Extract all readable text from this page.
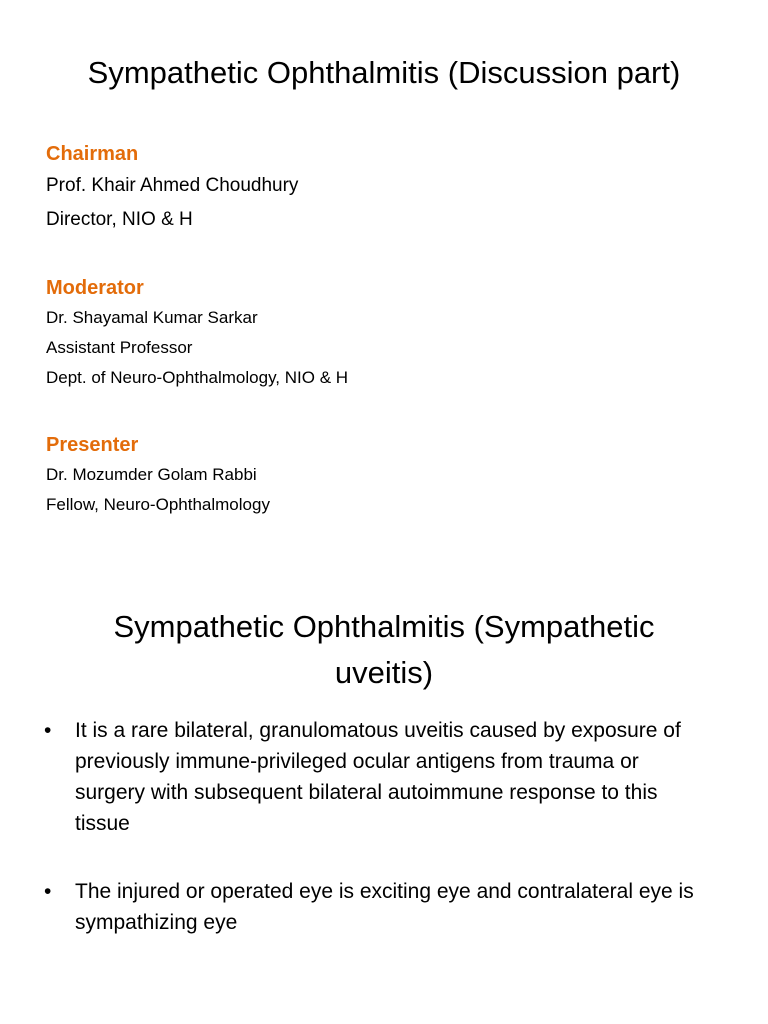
Sympathetic Ophthalmitis (Discussion part)

Chairman

Prof. Khair Ahmed Choudhury

Director, NIO & H

Moderator

Dr. Shayamal Kumar Sarkar

Assistant Professor

Dept. of Neuro-Ophthalmology, NIO & H

Presenter

Dr. Mozumder Golam Rabbi

Fellow, Neuro-Ophthalmology

Sympathetic Ophthalmitis (Sympathetic
uveitis)
• It is a rare bilateral, granulomatous uveitis caused by exposure of previously immune-privileged ocular antigens from trauma or surgery with subsequent bilateral autoimmune response to this tissue
• The injured or operated eye is exciting eye and contralateral eye is sympathizing eye
